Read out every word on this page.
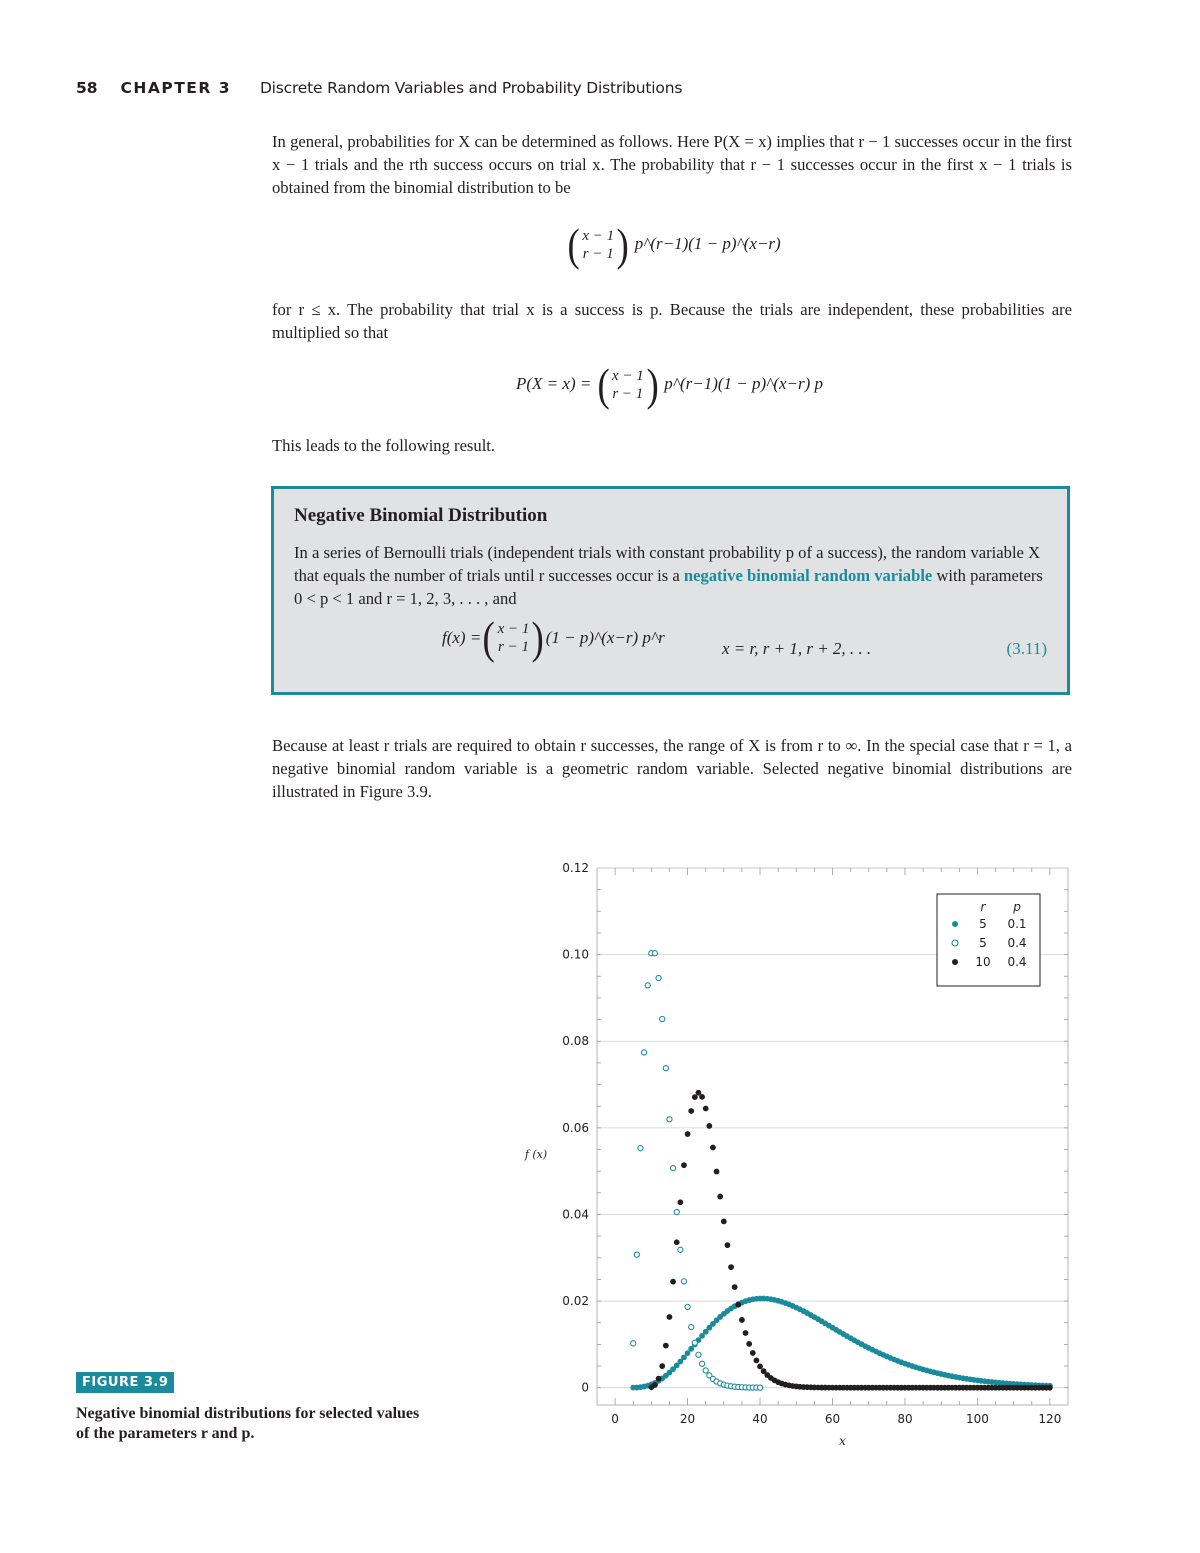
58 CHAPTER 3 Discrete Random Variables and Probability Distributions
In general, probabilities for X can be determined as follows. Here P(X = x) implies that r − 1 successes occur in the first x − 1 trials and the rth success occurs on trial x. The probability that r − 1 successes occur in the first x − 1 trials is obtained from the binomial distribution to be
( x − 1
r − 1 ) p^(r−1)(1 − p)^(x−r)
for r ≤ x. The probability that trial x is a success is p. Because the trials are independent, these probabilities are multiplied so that
P(X = x) = ( x − 1
r − 1 ) p^(r−1)(1 − p)^(x−r) p
This leads to the following result.
Negative Binomial Distribution
In a series of Bernoulli trials (independent trials with constant probability p of a success), the random variable X that equals the number of trials until r successes occur is a negative binomial random variable with parameters 0 < p < 1 and r = 1, 2, 3, . . . , and
f(x) = ( x − 1
r − 1 ) (1 − p)^(x−r) p^r
x = r, r + 1, r + 2, . . .	(3.11)
Because at least r trials are required to obtain r successes, the range of X is from r to ∞. In the special case that r = 1, a negative binomial random variable is a geometric random variable. Selected negative binomial distributions are illustrated in Figure 3.9.
FIGURE 3.9
Negative binomial distributions for selected values of the parameters r and p.
0
0.02
0.04
0.06
0.08
0.10
0.12
0	20	40	60	80	100	120
x
f (x)
r p
5 0.1
5 0.4
10 0.4
